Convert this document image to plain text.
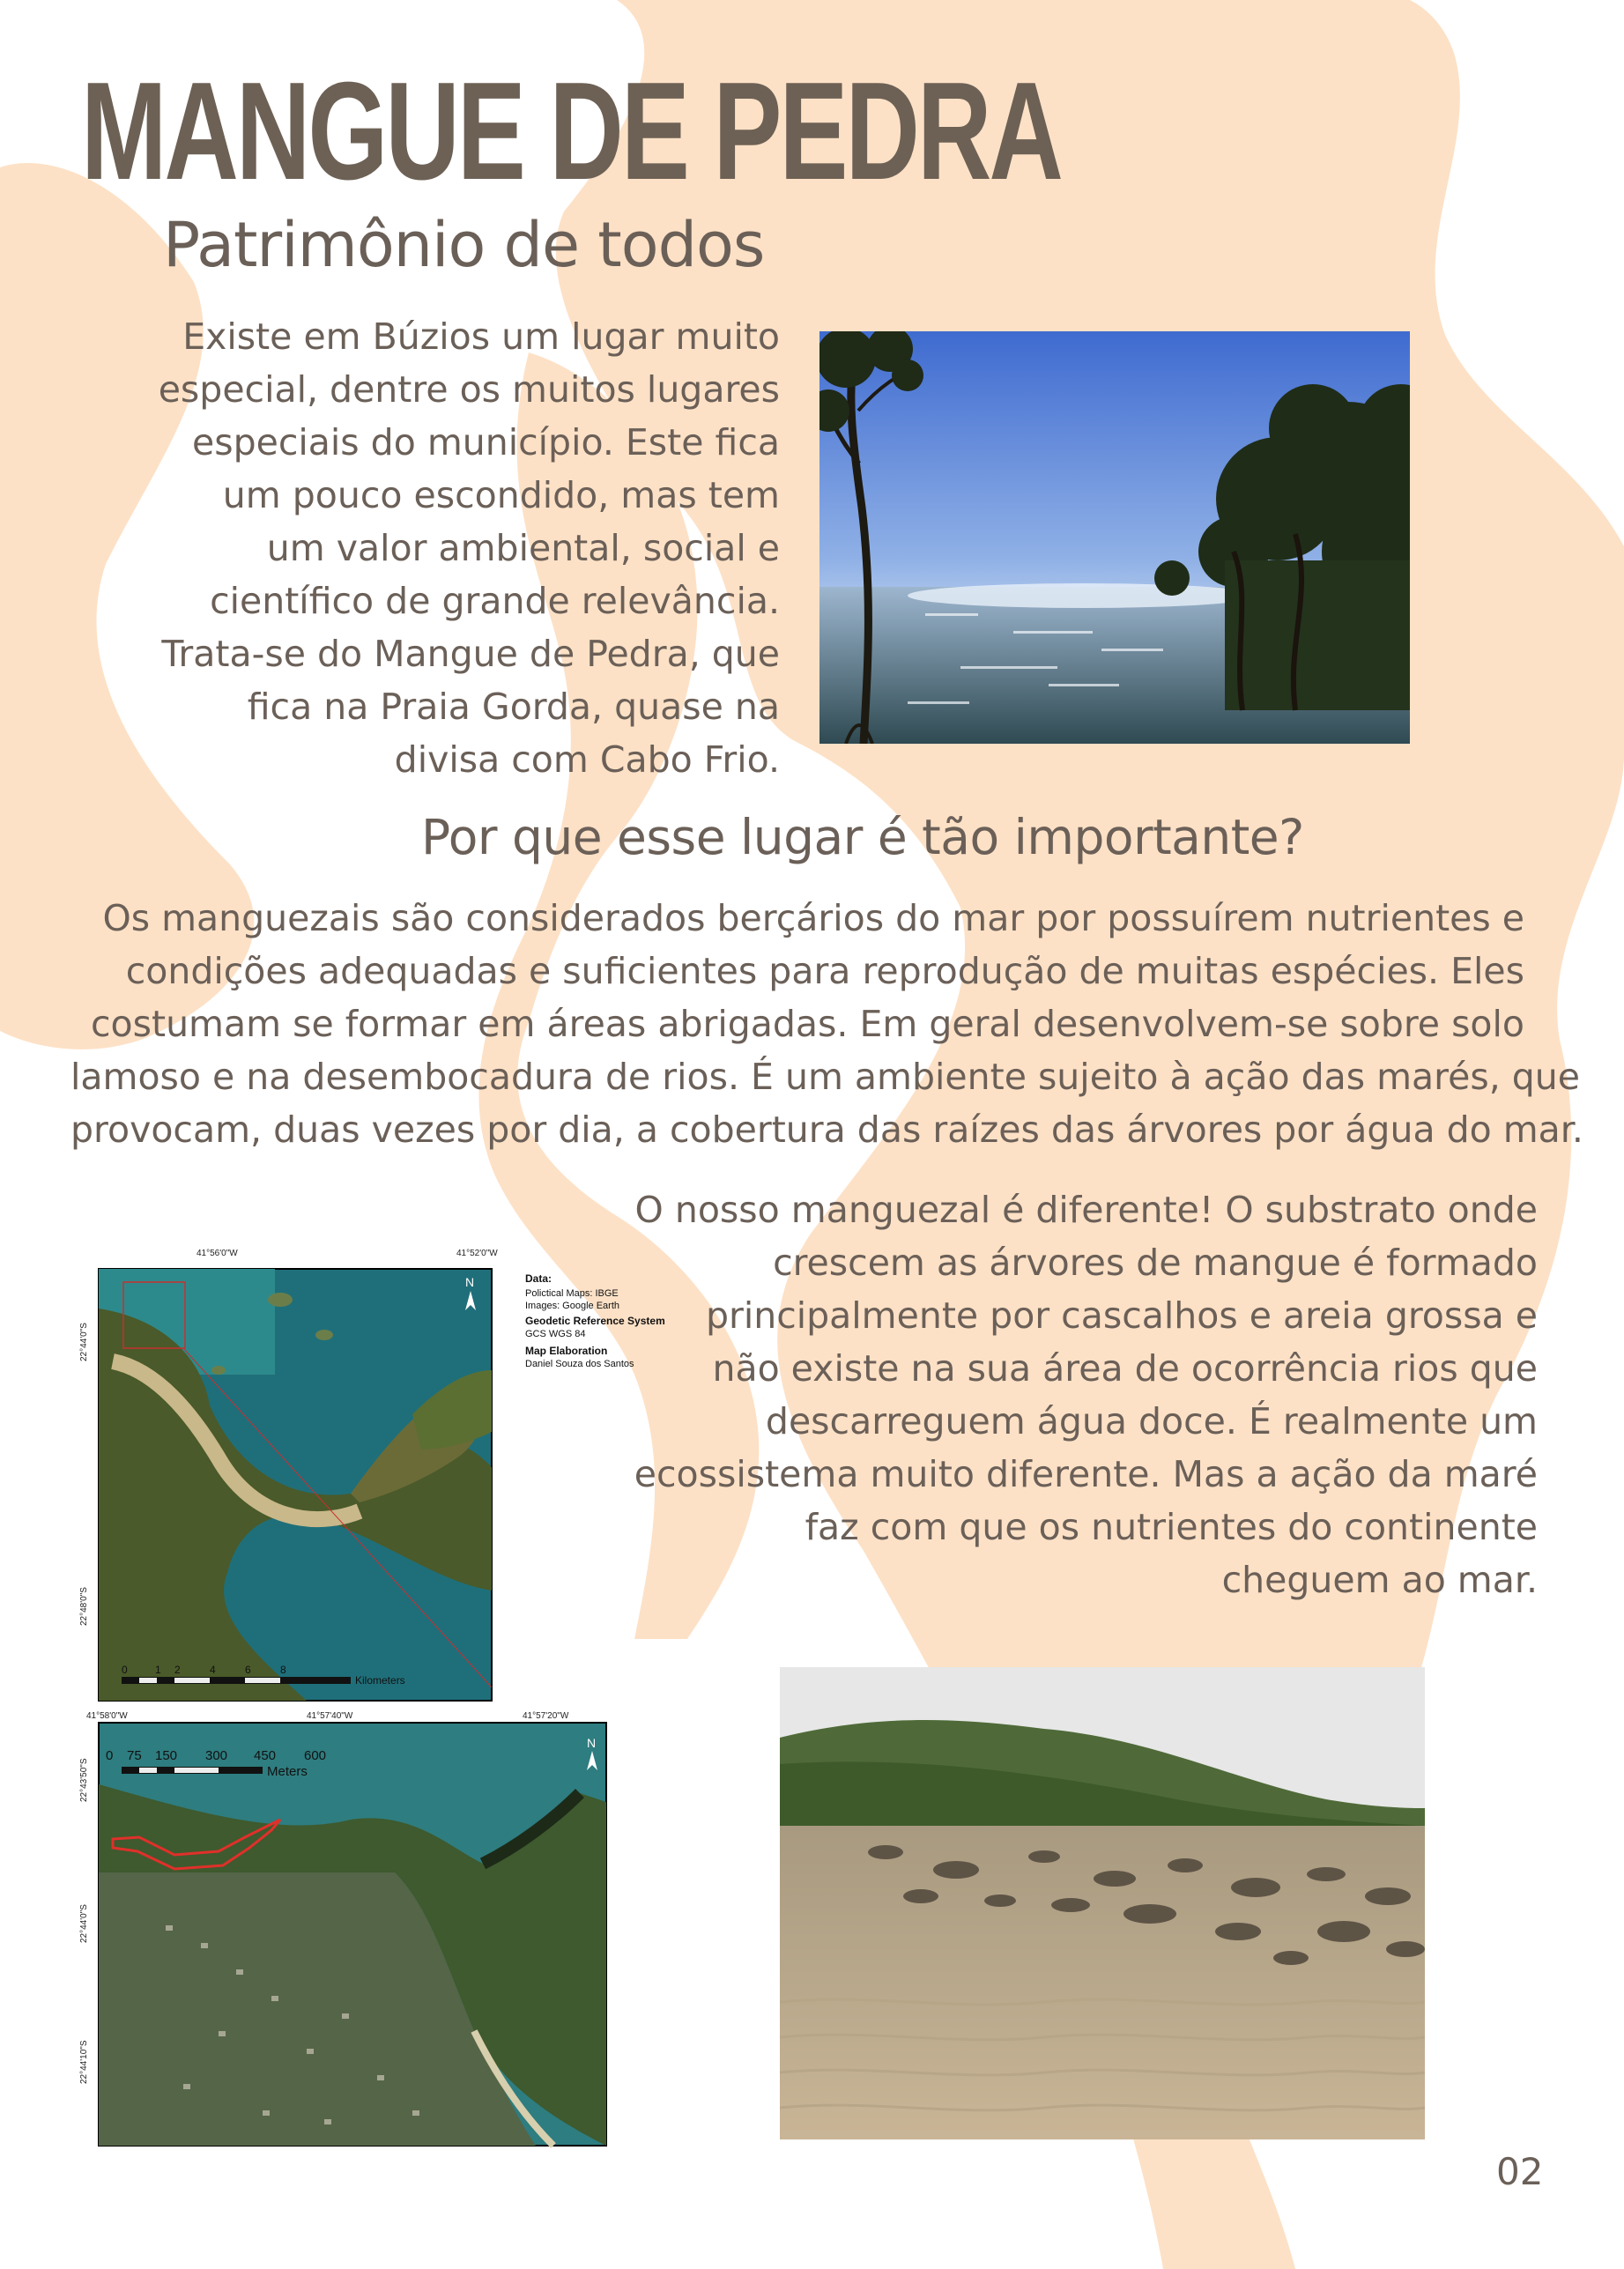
MANGUE DE PEDRA
Patrimônio de todos
Existe em Búzios um lugar muito
especial, dentre os muitos lugares
especiais do município. Este fica
um pouco escondido, mas tem
um valor ambiental, social e
científico de grande relevância.
Trata-se do Mangue de Pedra, que
fica na Praia Gorda, quase na
divisa com Cabo Frio.
Por que esse lugar é tão importante?
Os manguezais são considerados berçários do mar por possuírem nutrientes e
condições adequadas e suficientes para reprodução de muitas espécies. Eles
costumam se formar em áreas abrigadas. Em geral desenvolvem-se sobre solo
lamoso e na desembocadura de rios. É um ambiente sujeito à ação das marés, que
provocam, duas vezes por dia, a cobertura das raízes das árvores por água do mar.
O nosso manguezal é diferente! O substrato onde
crescem as árvores de mangue é formado
principalmente por cascalhos e areia grossa e
não existe na sua área de ocorrência rios que
descarreguem água doce. É realmente um
ecossistema muito diferente. Mas a ação da maré
faz com que os nutrientes do continente
cheguem ao mar.
41°56'0"W	41°52'0"W
22°44'0"S
22°48'0"S
N
0	1 2	4	6	8
Kilometers
Data:
Polictical Maps: IBGE
Images: Google Earth
Geodetic Reference System
GCS WGS 84
Map Elaboration
Daniel Souza dos Santos
41°58'0"W	41°57'40"W	41°57'20"W
22°43'50"S
22°44'0"S
22°44'10"S
N
0 75 150 300 450 600
Meters
02
